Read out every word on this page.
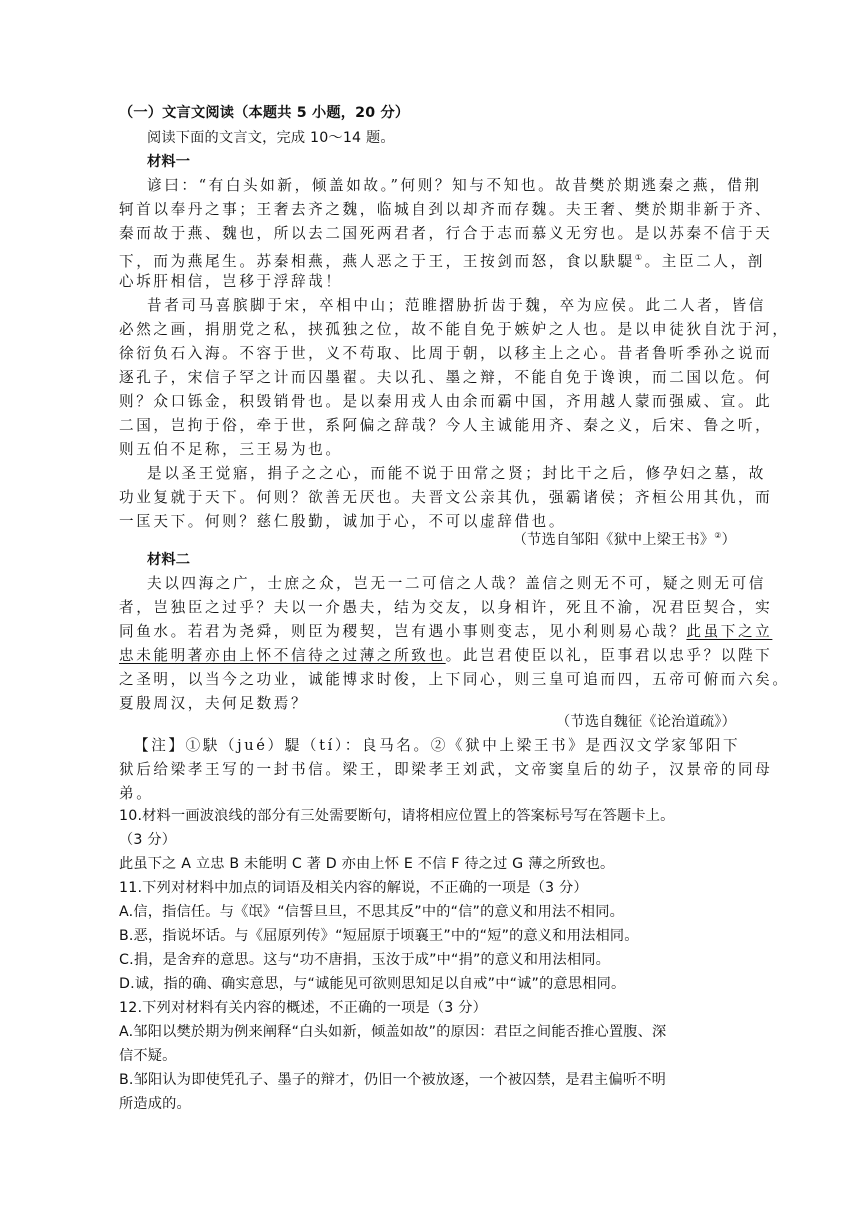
（一）文言文阅读（本题共 5 小题，20 分）
阅读下面的文言文，完成 10～14 题。
材料一
谚曰：“有白头如新，倾盖如故。”何则？知与不知也。故昔樊於期逃秦之燕，借荆
轲首以奉丹之事；王奢去齐之魏，临城自刭以却齐而存魏。夫王奢、樊於期非新于齐、
秦而故于燕、魏也，所以去二国死两君者，行合于志而慕义无穷也。是以苏秦不信于天
下，而为燕尾生。苏秦相燕，燕人恶之于王，王按剑而怒，食以駃騠①。主臣二人，剖
心坼肝相信，岂移于浮辞哉！
昔者司马喜膑脚于宋，卒相中山；范睢摺胁折齿于魏，卒为应侯。此二人者，皆信
必然之画，捐朋党之私，挟孤独之位，故不能自免于嫉妒之人也。是以申徒狄自沈于河，
徐衍负石入海。不容于世，义不苟取、比周于朝，以移主上之心。昔者鲁听季孙之说而
逐孔子，宋信子罕之计而囚墨翟。夫以孔、墨之辩，不能自免于谗谀，而二国以危。何
则？众口铄金，积毁销骨也。是以秦用戎人由余而霸中国，齐用越人蒙而强威、宣。此
二国，岂拘于俗，牵于世，系阿偏之辞哉？今人主诚能用齐、秦之义，后宋、鲁之听，
则五伯不足称，三王易为也。
是以圣王觉寤，捐子之之心，而能不说于田常之贤；封比干之后，修孕妇之墓，故
功业复就于天下。何则？欲善无厌也。夫晋文公亲其仇，强霸诸侯；齐桓公用其仇，而
一匡天下。何则？慈仁殷勤，诚加于心，不可以虚辞借也。
（节选自邹阳《狱中上梁王书》②）
材料二
夫以四海之广，士庶之众，岂无一二可信之人哉？盖信之则无不可，疑之则无可信
者，岂独臣之过乎？夫以一介愚夫，结为交友，以身相许，死且不渝，况君臣契合，实
同鱼水。若君为尧舜，则臣为稷契，岂有遇小事则变志，见小利则易心哉？此虽下之立
忠未能明著亦由上怀不信待之过薄之所致也。此岂君使臣以礼，臣事君以忠乎？以陛下
之圣明，以当今之功业，诚能博求时俊，上下同心，则三皇可追而四，五帝可俯而六矣。
夏殷周汉，夫何足数焉？
（节选自魏征《论治道疏》）
【注】①駃（jué）騠（tí）：良马名。②《狱中上梁王书》是西汉文学家邹阳下
狱后给梁孝王写的一封书信。梁王，即梁孝王刘武，文帝窦皇后的幼子，汉景帝的同母
弟。
10.材料一画波浪线的部分有三处需要断句，请将相应位置上的答案标号写在答题卡上。
（3 分）
此虽下之 A 立忠 B 未能明 C 著 D 亦由上怀 E 不信 F 待之过 G 薄之所致也。
11.下列对材料中加点的词语及相关内容的解说，不正确的一项是（3 分）
A.信，指信任。与《氓》“信誓旦旦，不思其反”中的“信”的意义和用法不相同。
B.恶，指说坏话。与《屈原列传》“短屈原于顷襄王”中的“短”的意义和用法相同。
C.捐，是舍弃的意思。这与“功不唐捐，玉汝于成”中“捐”的意义和用法相同。
D.诚，指的确、确实意思，与“诚能见可欲则思知足以自戒”中“诚”的意思相同。
12.下列对材料有关内容的概述，不正确的一项是（3 分）
A.邹阳以樊於期为例来阐释“白头如新，倾盖如故”的原因：君臣之间能否推心置腹、深
信不疑。
B.邹阳认为即使凭孔子、墨子的辩才，仍旧一个被放逐，一个被囚禁，是君主偏听不明
所造成的。
